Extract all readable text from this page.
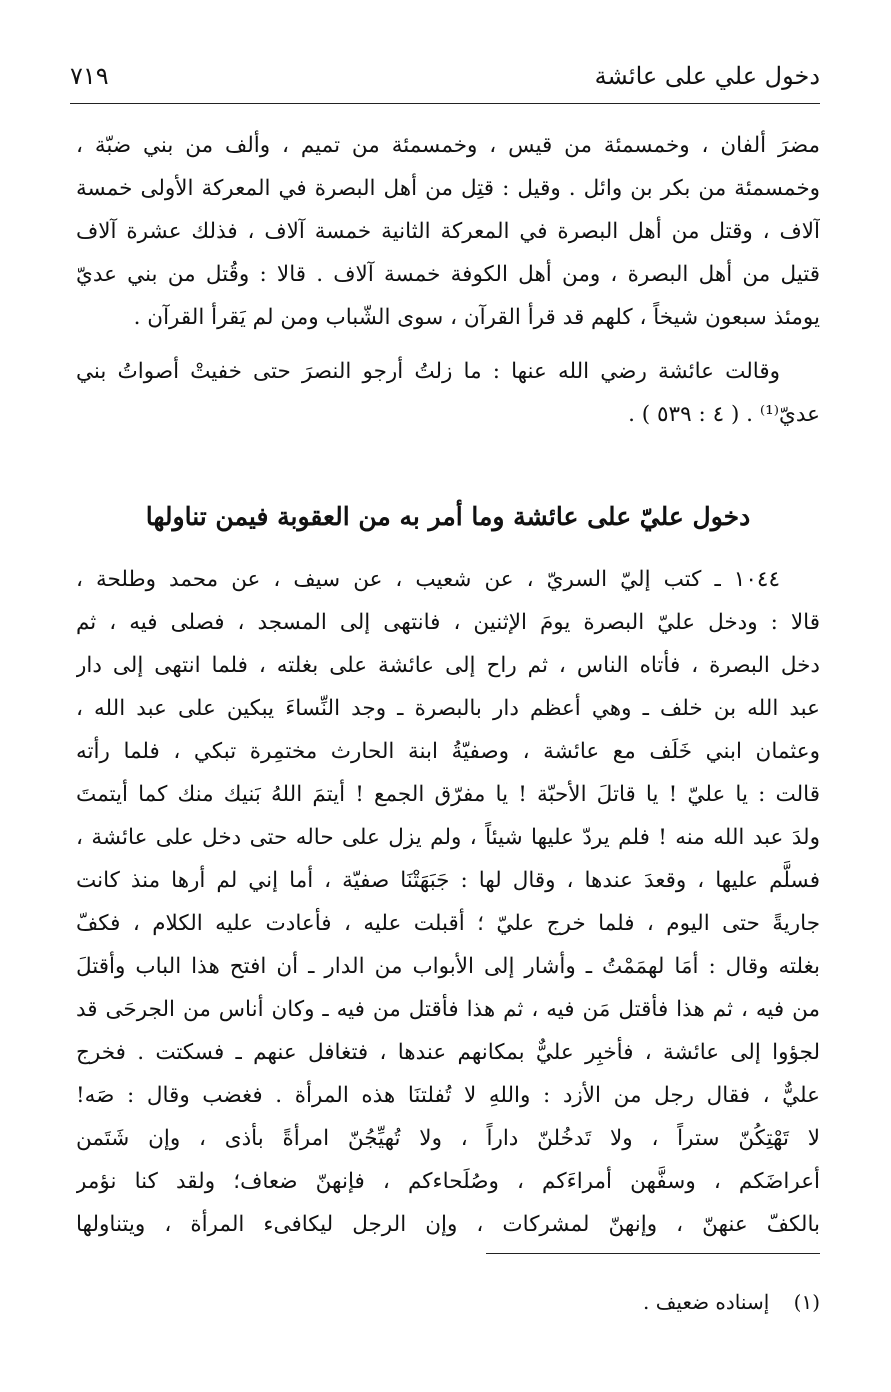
٧١٩	دخول علي على عائشة
مضرَ ألفان ، وخمسمئة من قيس ، وخمسمئة من تميم ، وألف من بني ضبّة ،
وخمسمئة من بكر بن وائل . وقيل : قتِل من أهل البصرة في المعركة الأولى خمسة
آلاف ، وقتل من أهل البصرة في المعركة الثانية خمسة آلاف ، فذلك عشرة آلاف
قتيل من أهل البصرة ، ومن أهل الكوفة خمسة آلاف . قالا : وقُتل من بني عديّ
يومئذ سبعون شيخاً ، كلهم قد قرأ القرآن ، سوى الشّباب ومن لم يَقرأ القرآن .
وقالت عائشة رضي الله عنها : ما زلتُ أرجو النصرَ حتى خفيتْ أصواتُ بني
عديّ⁽¹⁾ . ( ٤ : ٥٣٩ ) .
دخول عليّ على عائشة وما أمر به من العقوبة فيمن تناولها
١٠٤٤ ـ كتب إليّ السريّ ، عن شعيب ، عن سيف ، عن محمد وطلحة ،
قالا : ودخل عليّ البصرة يومَ الإثنين ، فانتهى إلى المسجد ، فصلى فيه ، ثم
دخل البصرة ، فأتاه الناس ، ثم راح إلى عائشة على بغلته ، فلما انتهى إلى دار
عبد الله بن خلف ـ وهي أعظم دار بالبصرة ـ وجد النِّساءَ يبكين على عبد الله ،
وعثمان ابني خَلَف مع عائشة ، وصفيّةُ ابنة الحارث مختمِرة تبكي ، فلما رأته
قالت : يا عليّ ! يا قاتلَ الأحبّة ! يا مفرّق الجمع ! أيتمَ اللهُ بَنيك منك كما أيتمتَ
ولدَ عبد الله منه ! فلم يردّ عليها شيئاً ، ولم يزل على حاله حتى دخل على عائشة ،
فسلَّم عليها ، وقعدَ عندها ، وقال لها : جَبَهَتْنَا صفيّة ، أما إني لم أرها منذ كانت
جاريةً حتى اليوم ، فلما خرج عليّ ؛ أقبلت عليه ، فأعادت عليه الكلام ، فكفّ
بغلته وقال : أمَا لهمَمْتُ ـ وأشار إلى الأبواب من الدار ـ أن افتح هذا الباب وأقتلَ
من فيه ، ثم هذا فأقتل مَن فيه ، ثم هذا فأقتل من فيه ـ وكان أناس من الجرحَى قد
لجؤوا إلى عائشة ، فأخبِر عليٌّ بمكانهم عندها ، فتغافل عنهم ـ فسكتت . فخرج
عليٌّ ، فقال رجل من الأزد : واللهِ لا تُفلتنَا هذه المرأة . فغضب وقال : صَه!
لا تَهْتِكُنّ ستراً ، ولا تَدخُلنّ داراً ، ولا تُهيِّجُنّ امرأةً بأذى ، وإن شَتَمن
أعراضَكم ، وسفَّهن أمراءَكم ، وصُلَحاءكم ، فإنهنّ ضعاف؛ ولقد كنا نؤمر
بالكفّ عنهنّ ، وإنهنّ لمشركات ، وإن الرجل ليكافىء المرأة ، ويتناولها
(١) إسناده ضعيف .
